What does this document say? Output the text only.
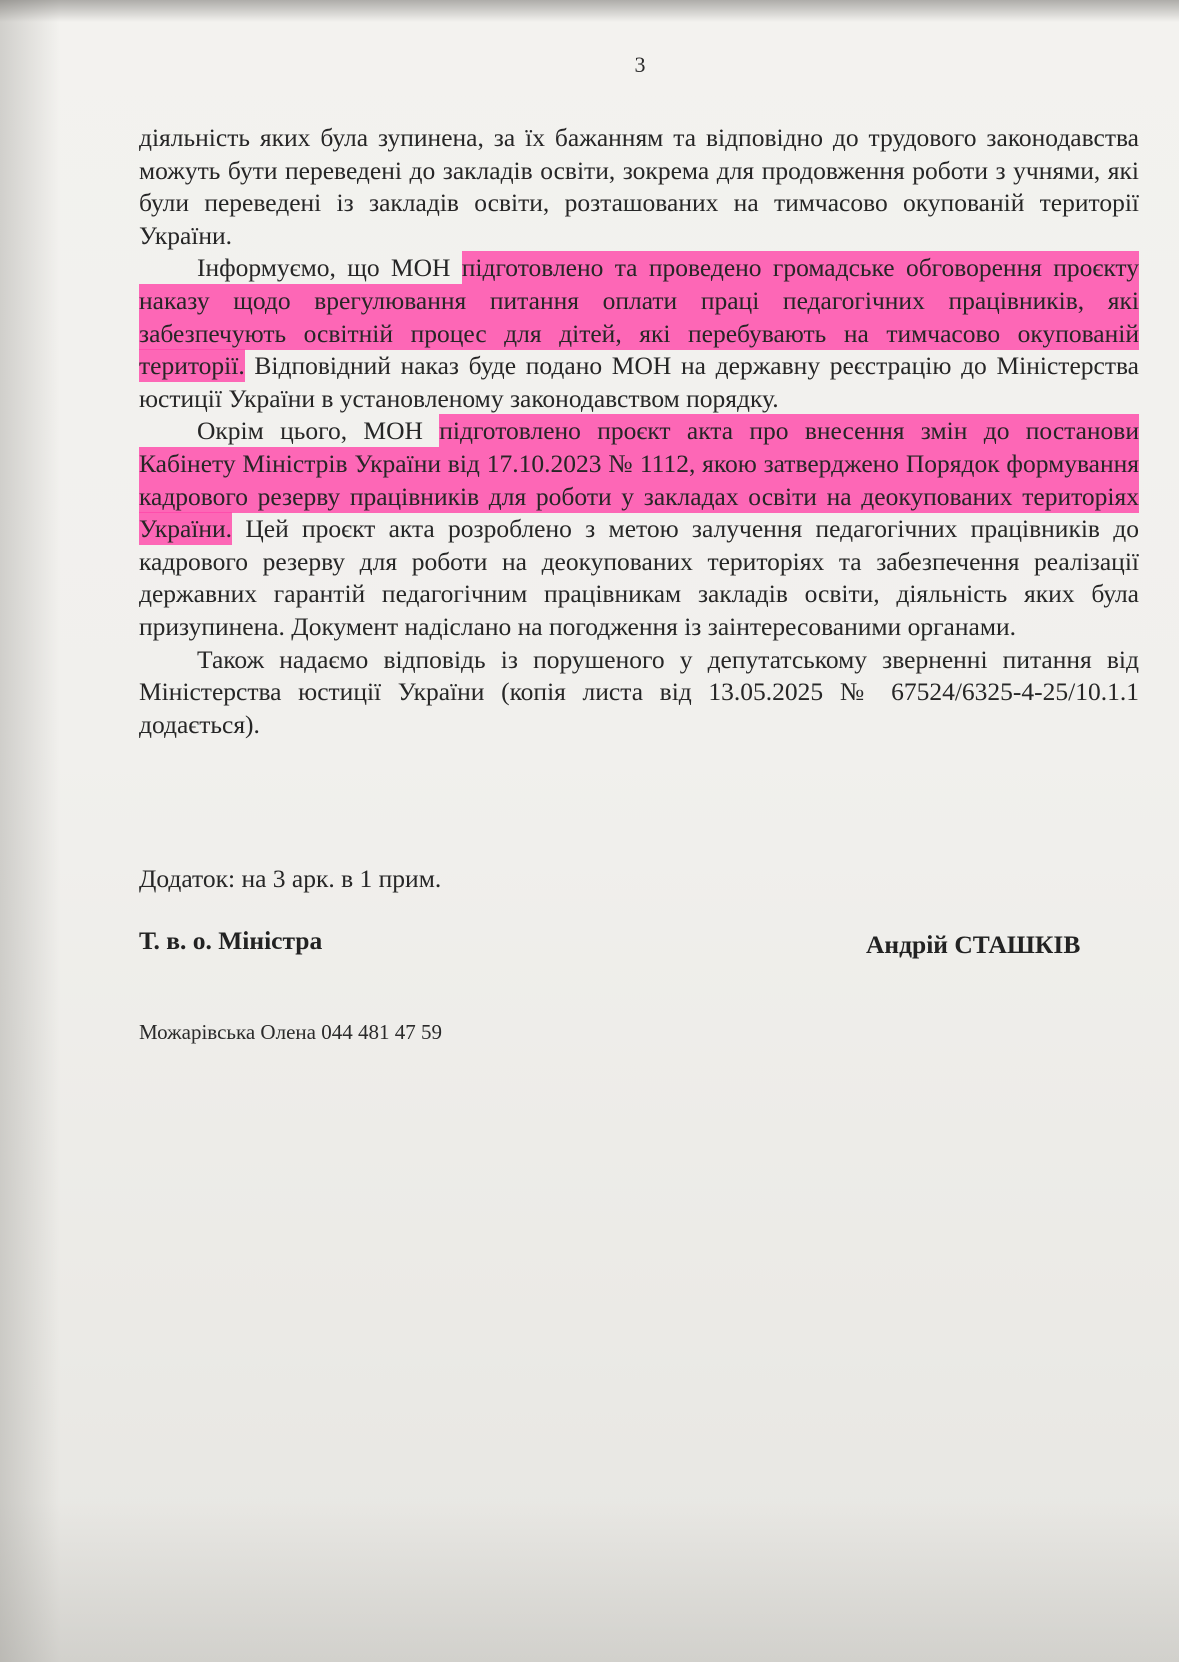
3

діяльність яких була зупинена, за їх бажанням та відповідно до трудового законодавства можуть бути переведені до закладів освіти, зокрема для продовження роботи з учнями, які були переведені із закладів освіти, розташованих на тимчасово окупованій території України.

Інформуємо, що МОН підготовлено та проведено громадське обговорення проєкту наказу щодо врегулювання питання оплати праці педагогічних працівників, які забезпечують освітній процес для дітей, які перебувають на тимчасово окупованій території. Відповідний наказ буде подано МОН на державну реєстрацію до Міністерства юстиції України в установленому законодавством порядку.

Окрім цього, МОН підготовлено проєкт акта про внесення змін до постанови Кабінету Міністрів України від 17.10.2023 № 1112, якою затверджено Порядок формування кадрового резерву працівників для роботи у закладах освіти на деокупованих територіях України. Цей проєкт акта розроблено з метою залучення педагогічних працівників до кадрового резерву для роботи на деокупованих територіях та забезпечення реалізації державних гарантій педагогічним працівникам закладів освіти, діяльність яких була призупинена. Документ надіслано на погодження із заінтересованими органами.

Також надаємо відповідь із порушеного у депутатському зверненні питання від Міністерства юстиції України (копія листа від 13.05.2025 № 67524/6325-4-25/10.1.1 додається).

Додаток: на 3 арк. в 1 прим.
Т. в. о. Міністра	Андрій СТАШКІВ
Можарівська Олена 044 481 47 59
